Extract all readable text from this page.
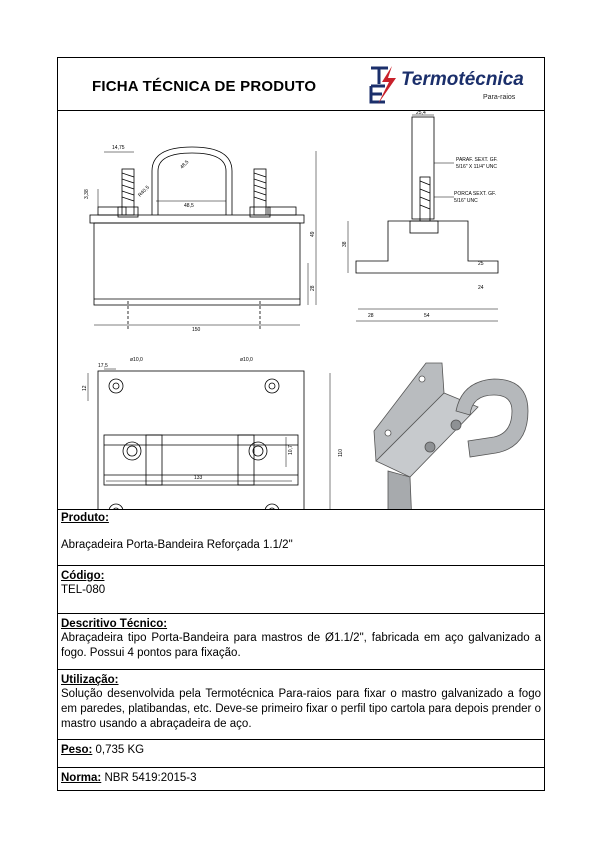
FICHA TÉCNICA DE PRODUTO	Termotécnica
Para-raios
14,75
3,38
48,5
R40,5
48,5
49
28
150
25,4
38
28	54
24
25
PARAF. SEXT. GF.
5/16" X 11/4" UNC
PORCA SEXT. GF.
5/16" UNC
17,5
12
133
10,7	110
ø10,0	ø10,0
Produto:
Abraçadeira Porta-Bandeira Reforçada 1.1/2"
Código:
TEL-080
Descritivo Técnico:
Abraçadeira tipo Porta-Bandeira para mastros de Ø1.1/2", fabricada em aço galvanizado a fogo. Possui 4 pontos para fixação.
Utilização:
Solução desenvolvida pela Termotécnica Para-raios para fixar o mastro galvanizado a fogo em paredes, platibandas, etc. Deve-se primeiro fixar o perfil tipo cartola para depois prender o mastro usando a abraçadeira de aço.
Peso: 0,735 KG
Norma: NBR 5419:2015-3
